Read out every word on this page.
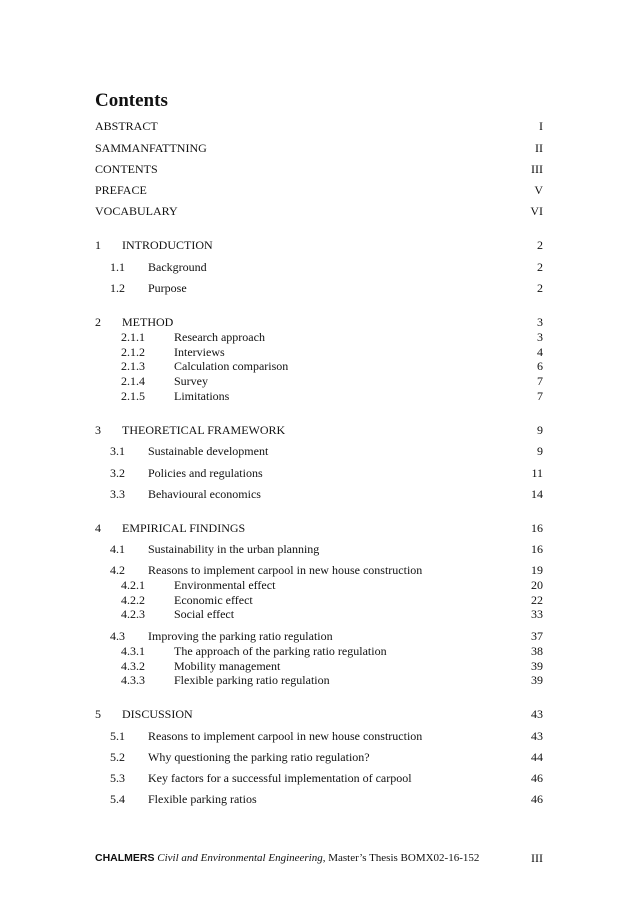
Contents
ABSTRACT	I
SAMMANFATTNING	II
CONTENTS	III
PREFACE	V
VOCABULARY	VI
1 INTRODUCTION	2
1.1 Background	2
1.2 Purpose	2
2 METHOD	3
2.1.1 Research approach	3
2.1.2 Interviews	4
2.1.3 Calculation comparison	6
2.1.4 Survey	7
2.1.5 Limitations	7
3 THEORETICAL FRAMEWORK	9
3.1 Sustainable development	9
3.2 Policies and regulations	11
3.3 Behavioural economics	14
4 EMPIRICAL FINDINGS	16
4.1 Sustainability in the urban planning	16
4.2 Reasons to implement carpool in new house construction	19
4.2.1 Environmental effect	20
4.2.2 Economic effect	22
4.2.3 Social effect	33
4.3 Improving the parking ratio regulation	37
4.3.1 The approach of the parking ratio regulation	38
4.3.2 Mobility management	39
4.3.3 Flexible parking ratio regulation	39
5 DISCUSSION	43
5.1 Reasons to implement carpool in new house construction	43
5.2 Why questioning the parking ratio regulation?	44
5.3 Key factors for a successful implementation of carpool	46
5.4 Flexible parking ratios	46
CHALMERS Civil and Environmental Engineering, Master’s Thesis BOMX02-16-152	III
